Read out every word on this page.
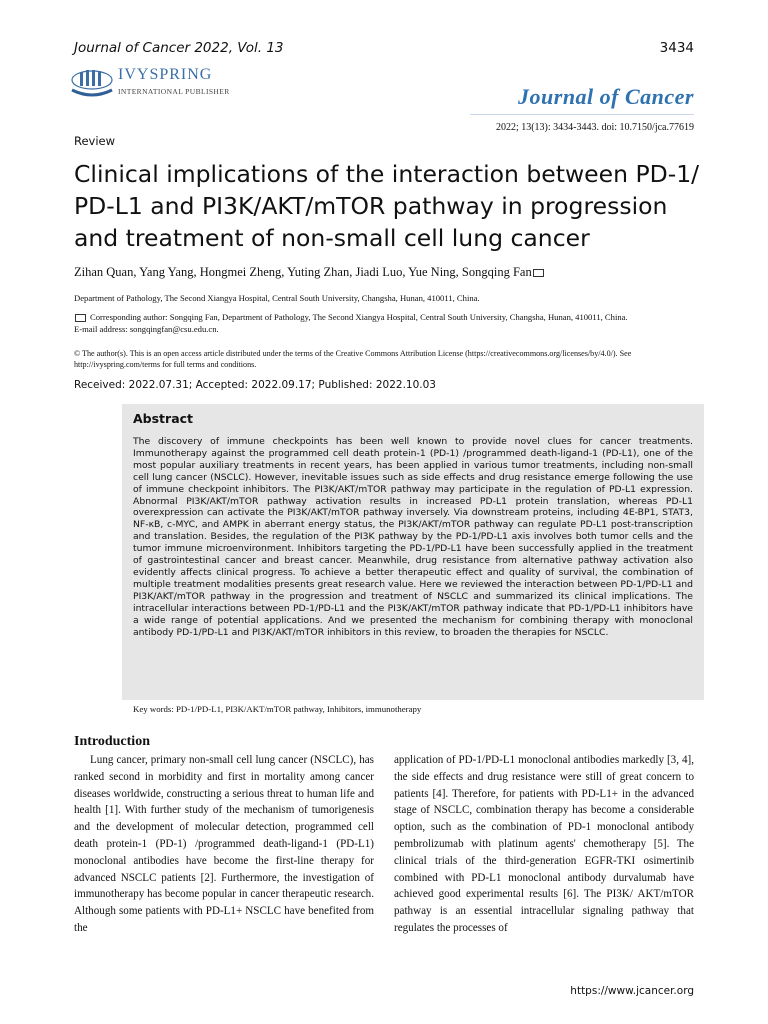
Journal of Cancer 2022, Vol. 13	3434
IVYSPRING
INTERNATIONAL PUBLISHER	Journal of Cancer
2022; 13(13): 3434-3443. doi: 10.7150/jca.77619
Review
Clinical implications of the interaction between PD-1/ PD-L1 and PI3K/AKT/mTOR pathway in progression and treatment of non-small cell lung cancer
Zihan Quan, Yang Yang, Hongmei Zheng, Yuting Zhan, Jiadi Luo, Yue Ning, Songqing Fan
Department of Pathology, The Second Xiangya Hospital, Central South University, Changsha, Hunan, 410011, China.
Corresponding author: Songqing Fan, Department of Pathology, The Second Xiangya Hospital, Central South University, Changsha, Hunan, 410011, China.
E-mail address: songqingfan@csu.edu.cn.
© The author(s). This is an open access article distributed under the terms of the Creative Commons Attribution License (https://creativecommons.org/licenses/by/4.0/). See http://ivyspring.com/terms for full terms and conditions.
Received: 2022.07.31; Accepted: 2022.09.17; Published: 2022.10.03
Abstract
The discovery of immune checkpoints has been well known to provide novel clues for cancer treatments. Immunotherapy against the programmed cell death protein-1 (PD-1) /programmed death-ligand-1 (PD-L1), one of the most popular auxiliary treatments in recent years, has been applied in various tumor treatments, including non-small cell lung cancer (NSCLC). However, inevitable issues such as side effects and drug resistance emerge following the use of immune checkpoint inhibitors. The PI3K/AKT/mTOR pathway may participate in the regulation of PD-L1 expression. Abnormal PI3K/AKT/mTOR pathway activation results in increased PD-L1 protein translation, whereas PD-L1 overexpression can activate the PI3K/AKT/mTOR pathway inversely. Via downstream proteins, including 4E-BP1, STAT3, NF-κB, c-MYC, and AMPK in aberrant energy status, the PI3K/AKT/mTOR pathway can regulate PD-L1 post-transcription and translation. Besides, the regulation of the PI3K pathway by the PD-1/PD-L1 axis involves both tumor cells and the tumor immune microenvironment. Inhibitors targeting the PD-1/PD-L1 have been successfully applied in the treatment of gastrointestinal cancer and breast cancer. Meanwhile, drug resistance from alternative pathway activation also evidently affects clinical progress. To achieve a better therapeutic effect and quality of survival, the combination of multiple treatment modalities presents great research value. Here we reviewed the interaction between PD-1/PD-L1 and PI3K/AKT/mTOR pathway in the progression and treatment of NSCLC and summarized its clinical implications. The intracellular interactions between PD-1/PD-L1 and the PI3K/AKT/mTOR pathway indicate that PD-1/PD-L1 inhibitors have a wide range of potential applications. And we presented the mechanism for combining therapy with monoclonal antibody PD-1/PD-L1 and PI3K/AKT/mTOR inhibitors in this review, to broaden the therapies for NSCLC.
Key words: PD-1/PD-L1, PI3K/AKT/mTOR pathway, Inhibitors, immunotherapy
Introduction
Lung cancer, primary non-small cell lung cancer (NSCLC), has ranked second in morbidity and first in mortality among cancer diseases worldwide, constructing a serious threat to human life and health [1]. With further study of the mechanism of tumorigenesis and the development of molecular detection, programmed cell death protein-1 (PD-1) /programmed death-ligand-1 (PD-L1) monoclonal antibodies have become the first-line therapy for advanced NSCLC patients [2]. Furthermore, the investigation of immunotherapy has become popular in cancer therapeutic research. Although some patients with PD-L1+ NSCLC have benefited from the
application of PD-1/PD-L1 monoclonal antibodies markedly [3, 4], the side effects and drug resistance were still of great concern to patients [4]. Therefore, for patients with PD-L1+ in the advanced stage of NSCLC, combination therapy has become a considerable option, such as the combination of PD-1 monoclonal antibody pembrolizumab with platinum agents' chemotherapy [5]. The clinical trials of the third-generation EGFR-TKI osimertinib combined with PD-L1 monoclonal antibody durvalumab have achieved good experimental results [6]. The PI3K/ AKT/mTOR pathway is an essential intracellular signaling pathway that regulates the processes of
https://www.jcancer.org
